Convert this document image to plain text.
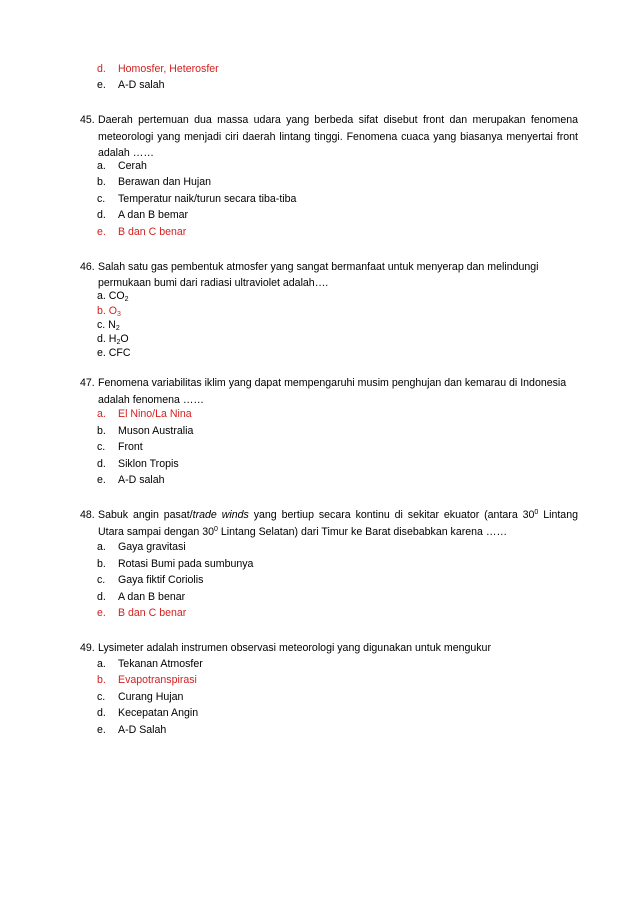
d. Homosfer, Heterosfer
e. A-D salah
45. Daerah pertemuan dua massa udara yang berbeda sifat disebut front dan merupakan fenomena meteorologi yang menjadi ciri daerah lintang tinggi. Fenomena cuaca yang biasanya menyertai front adalah ……
a. Cerah
b. Berawan dan Hujan
c. Temperatur naik/turun secara tiba-tiba
d. A dan B bemar
e. B dan C benar
46. Salah satu gas pembentuk atmosfer yang sangat bermanfaat untuk menyerap dan melindungi
permukaan bumi dari radiasi ultraviolet adalah….
a. $CO_2$
b. $O_3$
c. $N_2$
d. $H_2O$
e. CFC
47. Fenomena variabilitas iklim yang dapat mempengaruhi musim penghujan dan kemarau di Indonesia
adalah fenomena ……
a. El Nino/La Nina
b. Muson Australia
c. Front
d. Siklon Tropis
e. A-D salah
48. Sabuk angin pasat/trade winds yang bertiup secara kontinu di sekitar ekuator (antara $30^0$ Lintang
Utara sampai dengan $30^0$ Lintang Selatan) dari Timur ke Barat disebabkan karena ……
a. Gaya gravitasi
b. Rotasi Bumi pada sumbunya
c. Gaya fiktif Coriolis
d. A dan B benar
e. B dan C benar
49. Lysimeter adalah instrumen observasi meteorologi yang digunakan untuk mengukur
a. Tekanan Atmosfer
b. Evapotranspirasi
c. Curang Hujan
d. Kecepatan Angin
e. A-D Salah
